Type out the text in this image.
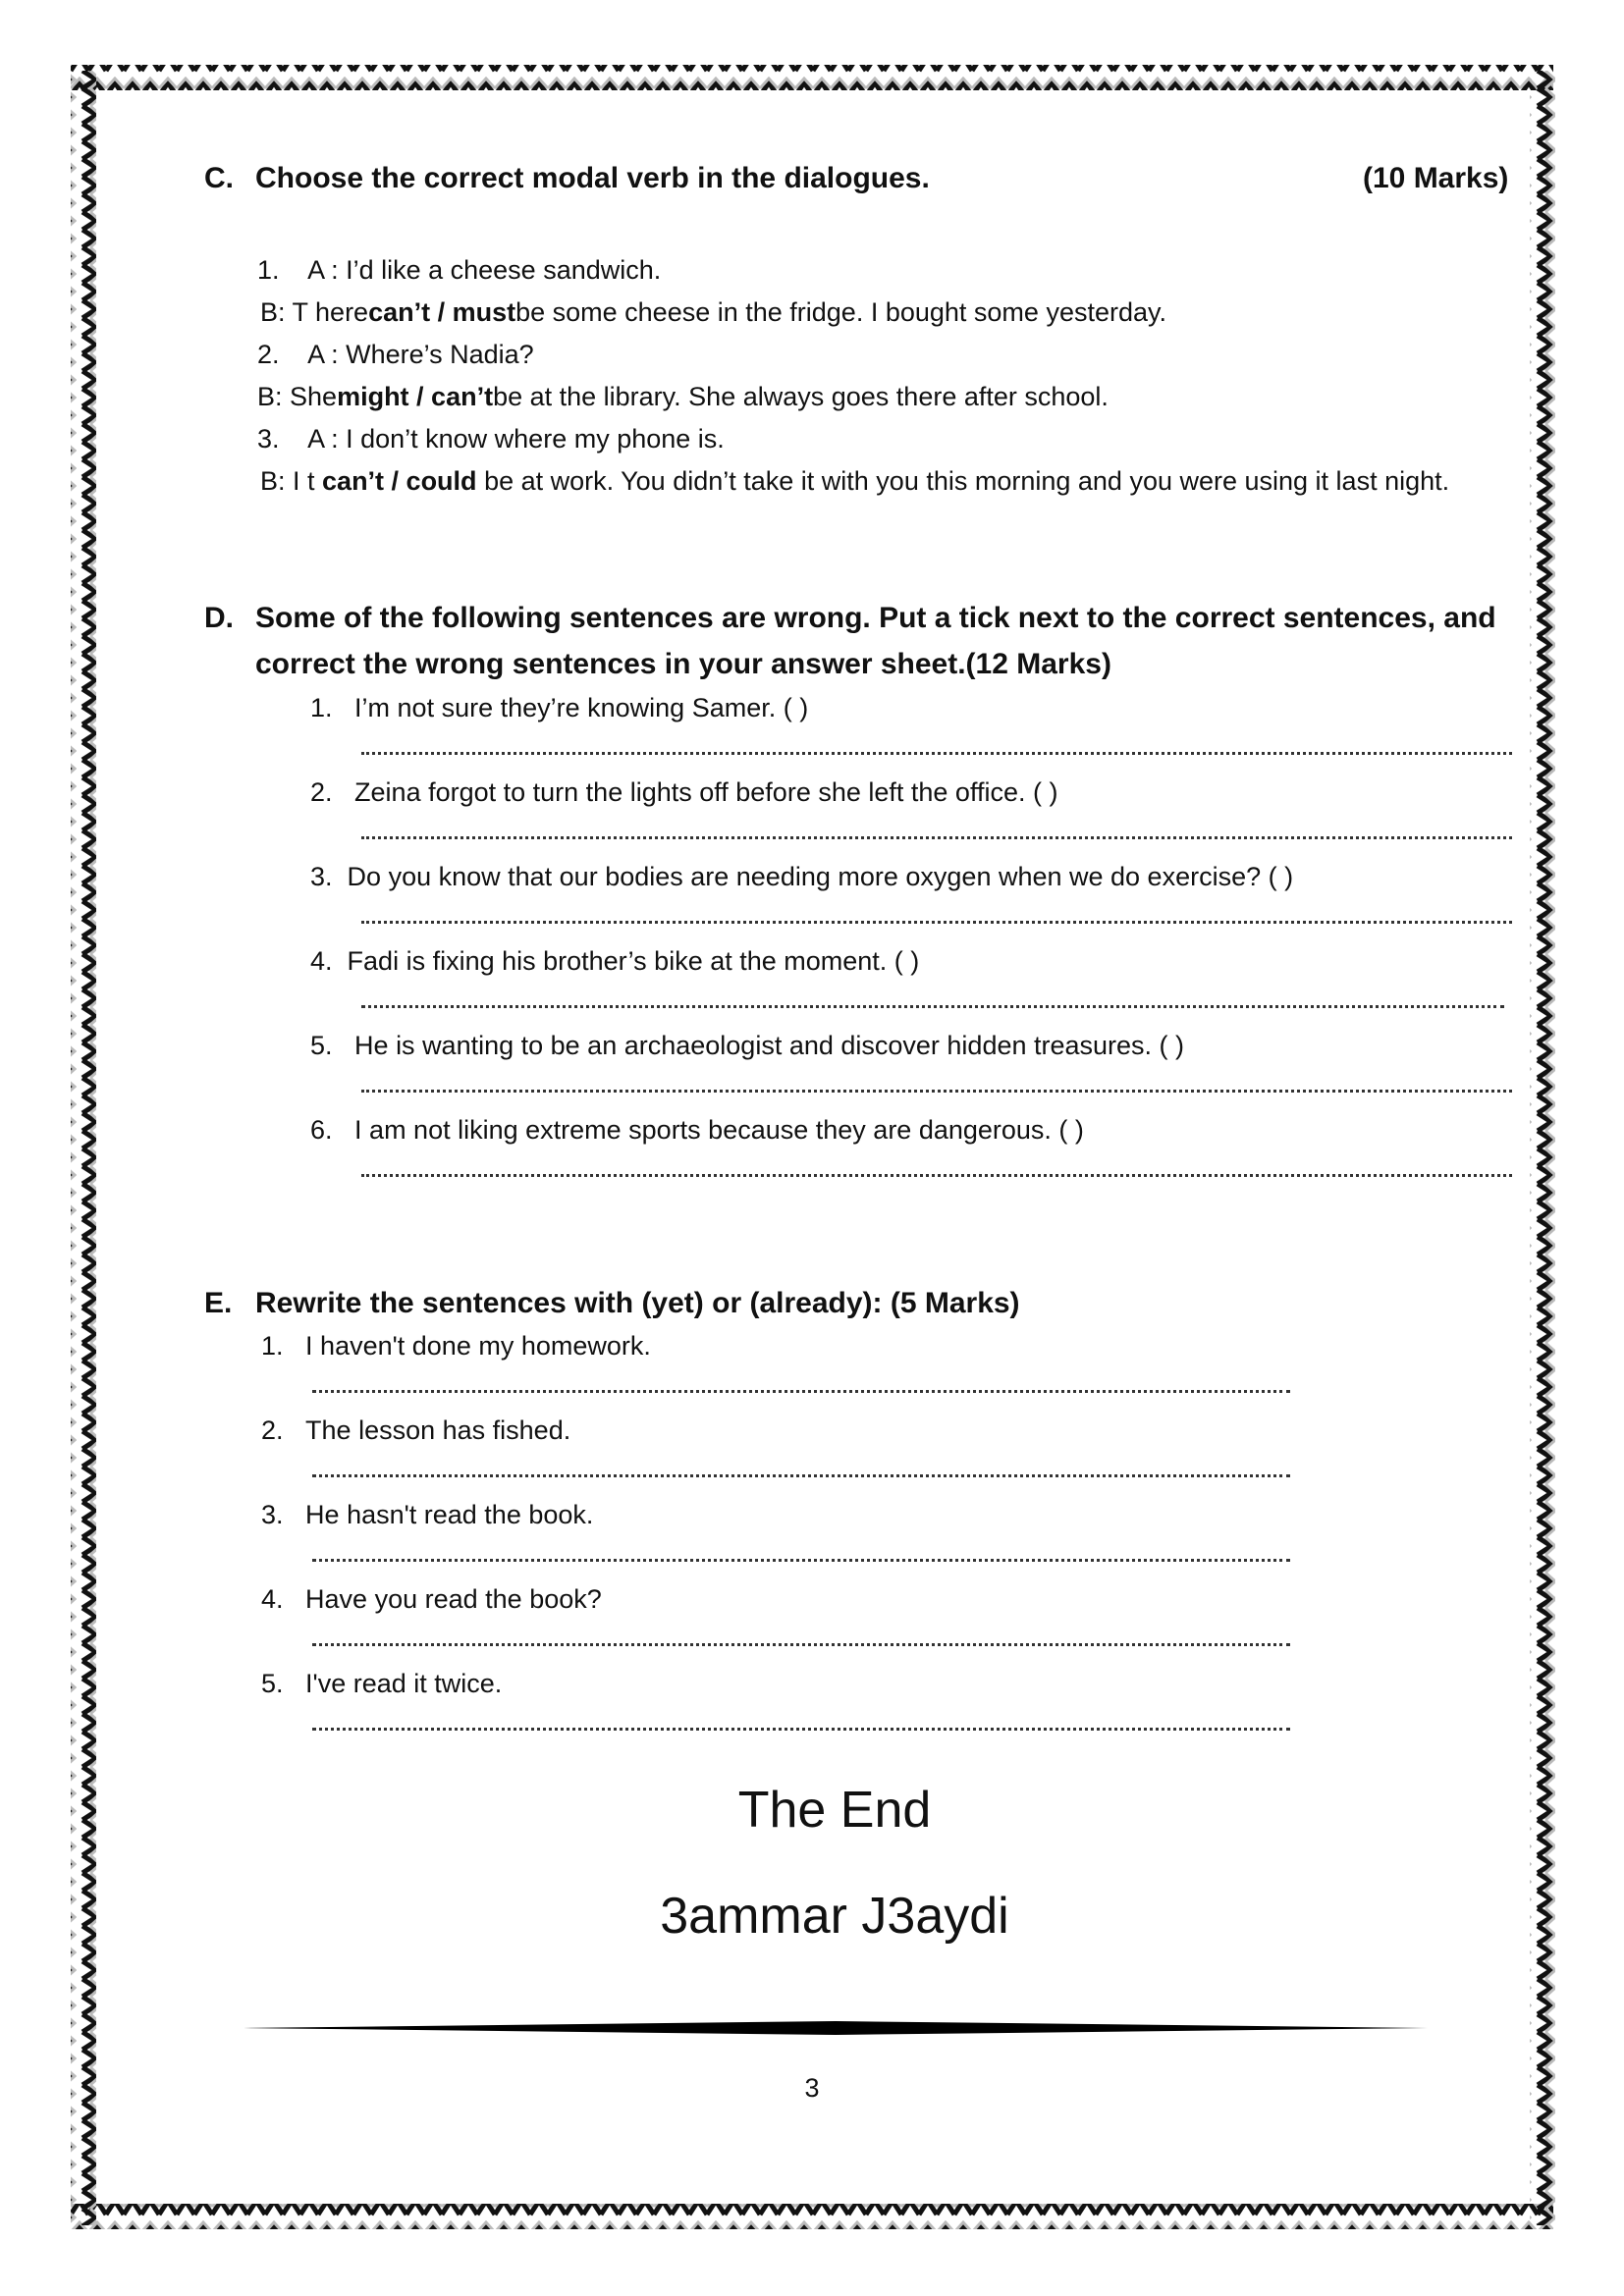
C. Choose the correct modal verb in the dialogues.	(10 Marks)
1. A : I’d like a cheese sandwich.
B: T herecan’t / mustbe some cheese in the fridge. I bought some yesterday.
2. A : Where’s Nadia?
B: Shemight / can’tbe at the library. She always goes there after school.
3. A : I don’t know where my phone is.
B: I t can’t / could be at work. You didn’t take it with you this morning and you were using it last night.
D. Some of the following sentences are wrong. Put a tick next to the correct sentences, and
correct the wrong sentences in your answer sheet.(12 Marks)
1. I’m not sure they’re knowing Samer. ( )
2. Zeina forgot to turn the lights off before she left the office. ( )
3. Do you know that our bodies are needing more oxygen when we do exercise? ( )
4. Fadi is fixing his brother’s bike at the moment. ( )
5. He is wanting to be an archaeologist and discover hidden treasures. ( )
6. I am not liking extreme sports because they are dangerous. ( )
E. Rewrite the sentences with (yet) or (already): (5 Marks)
1. I haven't done my homework.
2. The lesson has fished.
3. He hasn't read the book.
4. Have you read the book?
5. I've read it twice.
The End
3ammar J3aydi
3
